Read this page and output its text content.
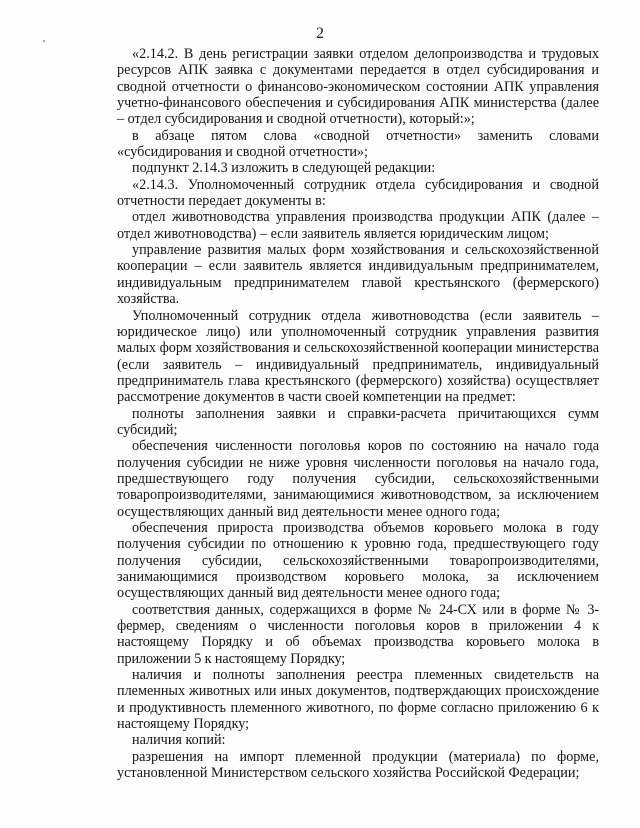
2

«2.14.2. В день регистрации заявки отделом делопроизводства и трудовых ресурсов АПК заявка с документами передается в отдел субсидирования и сводной отчетности о финансово-экономическом состоянии АПК управления учетно-финансового обеспечения и субсидирования АПК министерства (далее – отдел субсидирования и сводной отчетности), который:»;

в абзаце пятом слова «сводной отчетности» заменить словами «субсидирования и сводной отчетности»;

подпункт 2.14.3 изложить в следующей редакции:

«2.14.3. Уполномоченный сотрудник отдела субсидирования и сводной отчетности передает документы в:

отдел животноводства управления производства продукции АПК (далее – отдел животноводства) – если заявитель является юридическим лицом;

управление развития малых форм хозяйствования и сельскохозяйственной кооперации – если заявитель является индивидуальным предпринимателем, индивидуальным предпринимателем главой крестьянского (фермерского) хозяйства.

Уполномоченный сотрудник отдела животноводства (если заявитель – юридическое лицо) или уполномоченный сотрудник управления развития малых форм хозяйствования и сельскохозяйственной кооперации министерства (если заявитель – индивидуальный предприниматель, индивидуальный предприниматель глава крестьянского (фермерского) хозяйства) осуществляет рассмотрение документов в части своей компетенции на предмет:

полноты заполнения заявки и справки-расчета причитающихся сумм субсидий;

обеспечения численности поголовья коров по состоянию на начало года получения субсидии не ниже уровня численности поголовья на начало года, предшествующего году получения субсидии, сельскохозяйственными товаропроизводителями, занимающимися животноводством, за исключением осуществляющих данный вид деятельности менее одного года;

обеспечения прироста производства объемов коровьего молока в году получения субсидии по отношению к уровню года, предшествующего году получения субсидии, сельскохозяйственными товаропроизводителями, занимающимися производством коровьего молока, за исключением осуществляющих данный вид деятельности менее одного года;

соответствия данных, содержащихся в форме № 24-СХ или в форме № 3-фермер, сведениям о численности поголовья коров в приложении 4 к настоящему Порядку и об объемах производства коровьего молока в приложении 5 к настоящему Порядку;

наличия и полноты заполнения реестра племенных свидетельств на племенных животных или иных документов, подтверждающих происхождение и продуктивность племенного животного, по форме согласно приложению 6 к настоящему Порядку;

наличия копий:

разрешения на импорт племенной продукции (материала) по форме, установленной Министерством сельского хозяйства Российской Федерации;
